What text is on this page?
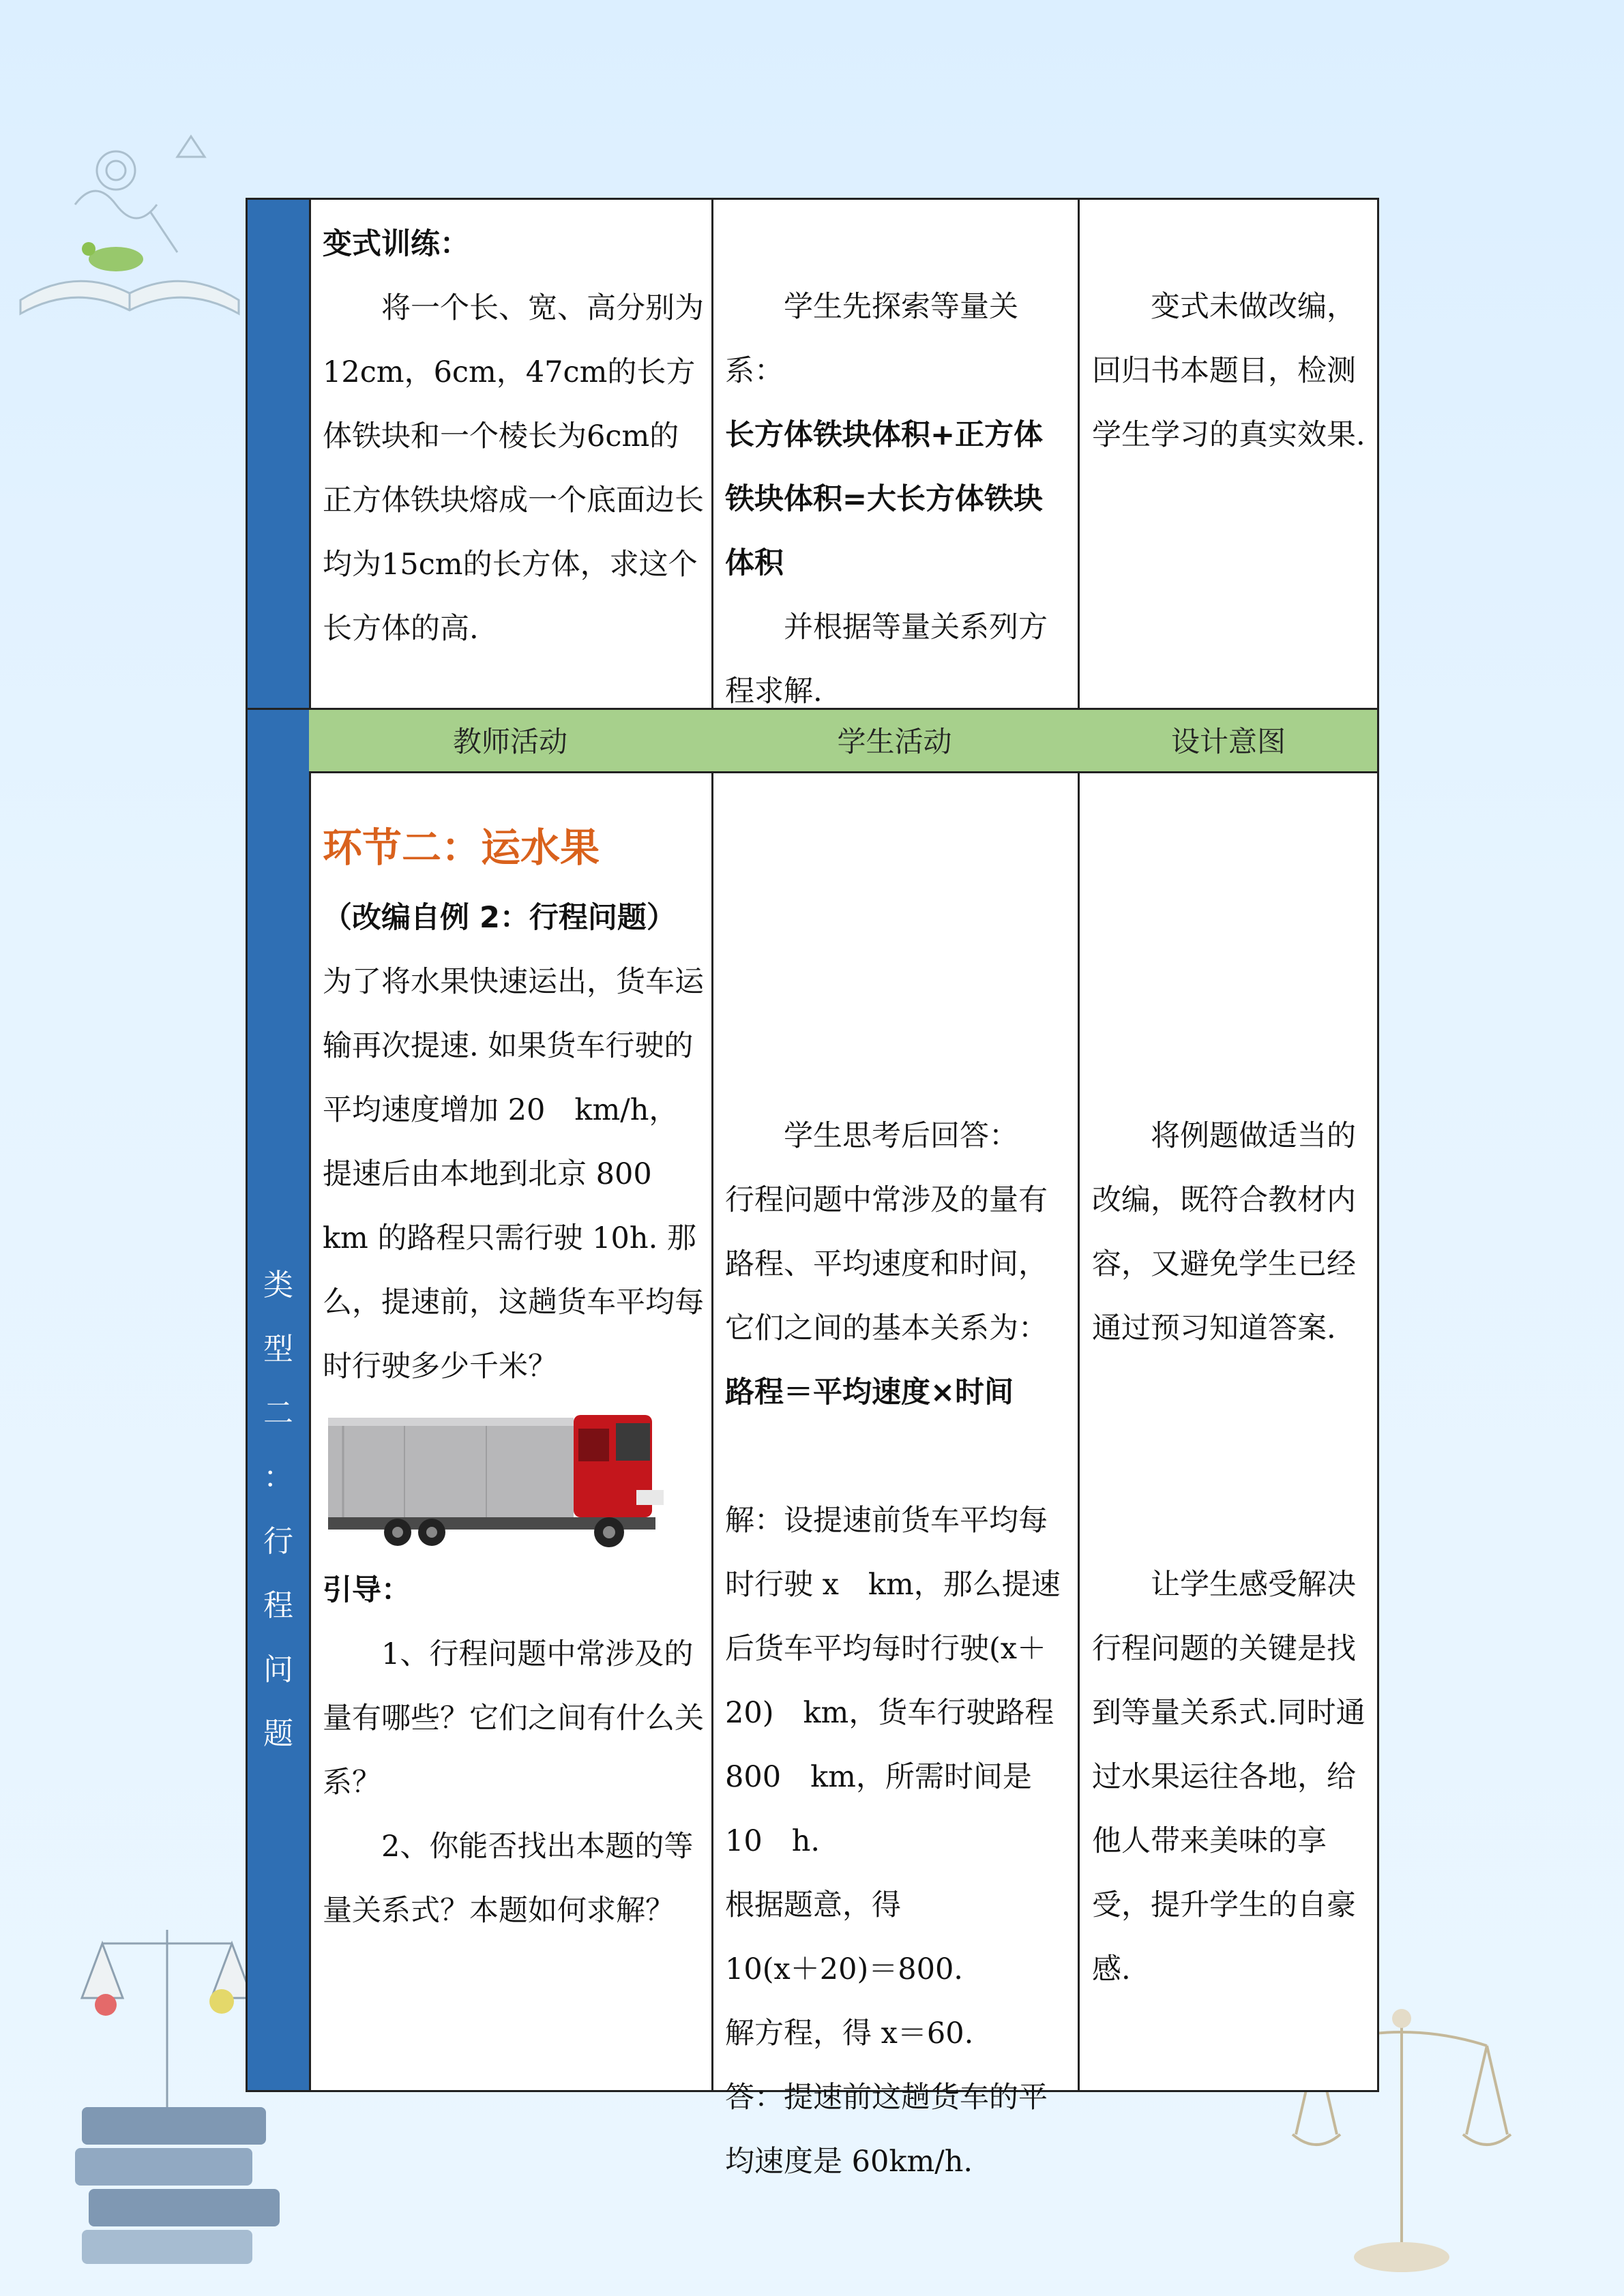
类
型
二
：
行
程
问
题

变式训练：

将一个长、宽、高分别为12cm，6cm，47cm的长方体铁块和一个棱长为6cm的正方体铁块熔成一个底面边长均为15cm的长方体，求这个长方体的高.

学生先探索等量关系：

长方体铁块体积+正方体铁块体积=大长方体铁块体积

并根据等量关系列方程求解.

变式未做改编，回归书本题目，检测学生学习的真实效果.

教师活动	学生活动	设计意图

环节二：运水果

（改编自例 2：行程问题）为了将水果快速运出，货车运输再次提速. 如果货车行驶的平均速度增加 20　km/h，提速后由本地到北京 800 km 的路程只需行驶 10h. 那么，提速前，这趟货车平均每时行驶多少千米？

引导：

1、行程问题中常涉及的量有哪些？它们之间有什么关系？

2、你能否找出本题的等量关系式？本题如何求解？

学生思考后回答：

行程问题中常涉及的量有路程、平均速度和时间，它们之间的基本关系为：

路程＝平均速度×时间

解：设提速前货车平均每时行驶 x　km，那么提速后货车平均每时行驶(x＋20)　km，货车行驶路程 800　km，所需时间是 10　h.

根据题意，得

10(x＋20)＝800.

解方程，得 x＝60.

答：提速前这趟货车的平均速度是 60km/h.

将例题做适当的改编，既符合教材内容，又避免学生已经通过预习知道答案.

让学生感受解决行程问题的关键是找到等量关系式.同时通过水果运往各地，给他人带来美味的享受，提升学生的自豪感.
